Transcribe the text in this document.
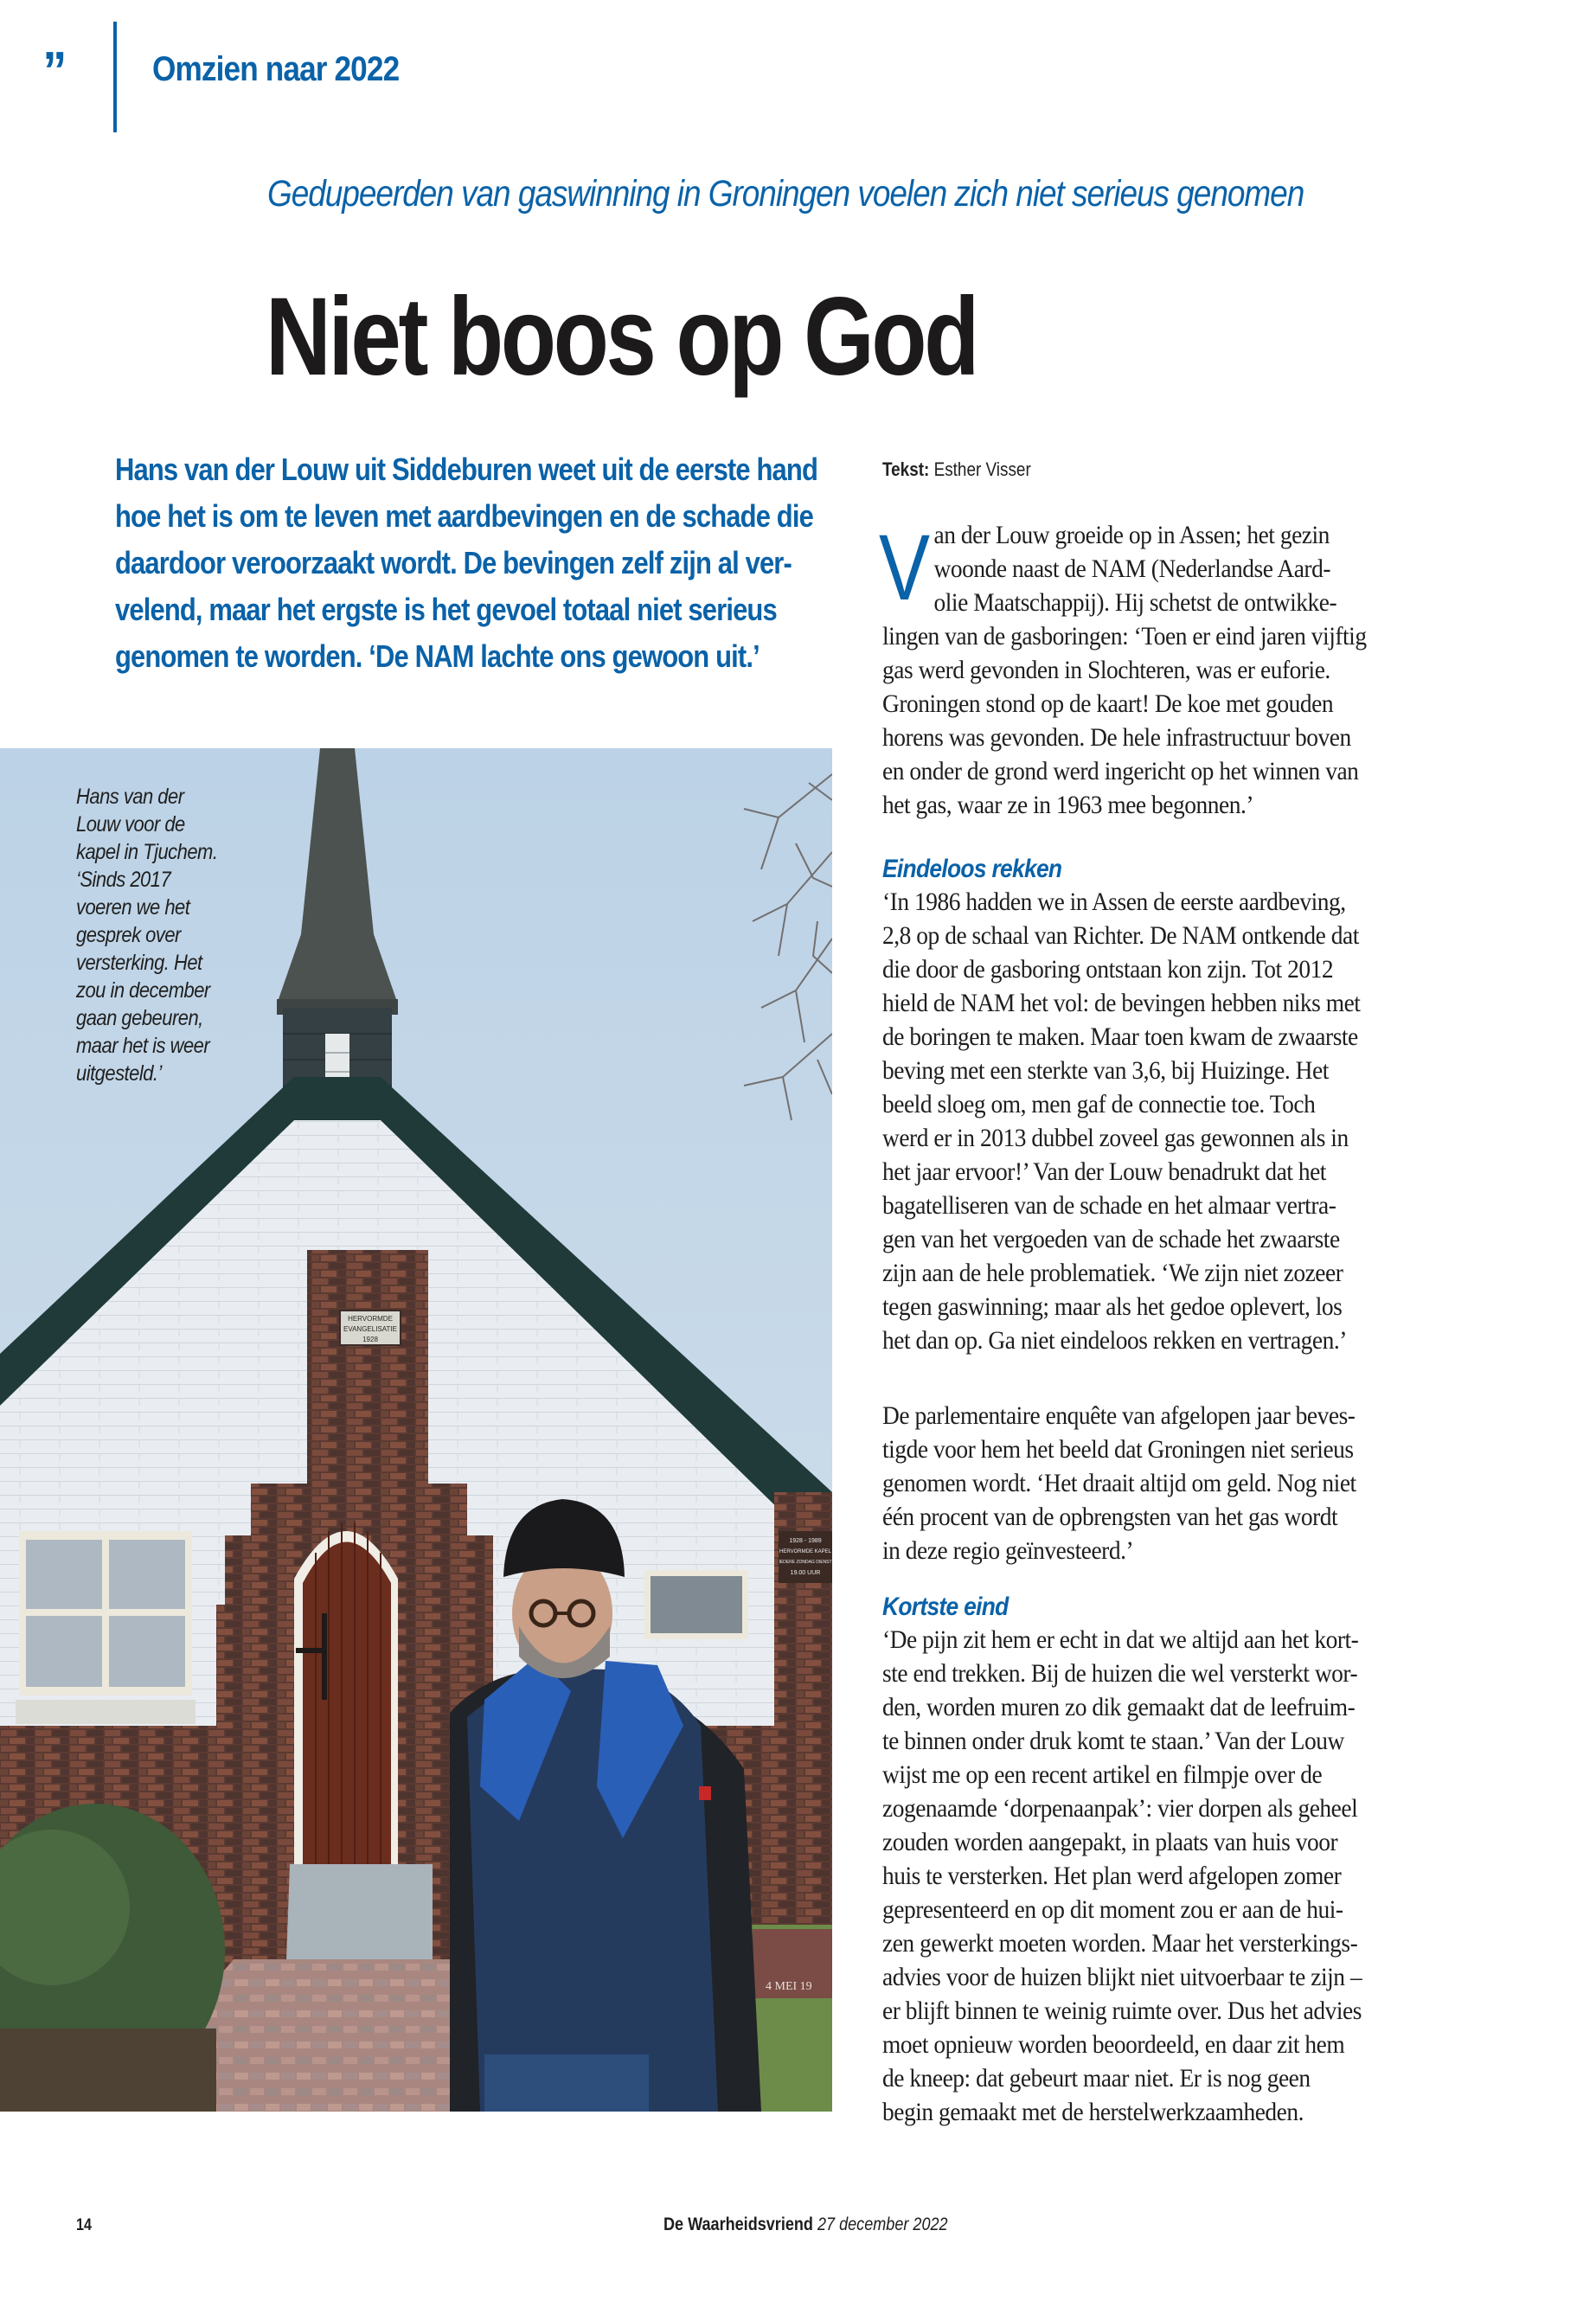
”	Omzien naar 2022
Gedupeerden van gaswinning in Groningen voelen zich niet serieus genomen
Niet boos op God
Hans van der Louw uit Siddeburen weet uit de eerste hand
hoe het is om te leven met aardbevingen en de schade die
daardoor veroorzaakt wordt. De bevingen zelf zijn al ver-
velend, maar het ergste is het gevoel totaal niet serieus
genomen te worden. ‘De NAM lachte ons gewoon uit.’
HERVORMDE
EVANGELISATIE
1928
1928 - 1989
HERVORMDE KAPEL
IEDERE ZONDAG DIENST
19.00 UUR
4 MEI 19
Hans van der
Louw voor de
kapel in Tjuchem.
‘Sinds 2017
voeren we het
gesprek over
versterking. Het
zou in december
gaan gebeuren,
maar het is weer
uitgesteld.’
Tekst: Esther Visser
V an der Louw groeide op in Assen; het gezin
woonde naast de NAM (Nederlandse Aard-
olie Maatschappij). Hij schetst de ontwikke-
lingen van de gasboringen: ‘Toen er eind jaren vijftig
gas werd gevonden in Slochteren, was er euforie.
Groningen stond op de kaart! De koe met gouden
horens was gevonden. De hele infrastructuur boven
en onder de grond werd ingericht op het winnen van
het gas, waar ze in 1963 mee begonnen.’
Eindeloos rekken
‘In 1986 hadden we in Assen de eerste aardbeving,
2,8 op de schaal van Richter. De NAM ontkende dat
die door de gasboring ontstaan kon zijn. Tot 2012
hield de NAM het vol: de bevingen hebben niks met
de boringen te maken. Maar toen kwam de zwaarste
beving met een sterkte van 3,6, bij Huizinge. Het
beeld sloeg om, men gaf de connectie toe. Toch
werd er in 2013 dubbel zoveel gas gewonnen als in
het jaar ervoor!’ Van der Louw benadrukt dat het
bagatelliseren van de schade en het almaar vertra-
gen van het vergoeden van de schade het zwaarste
zijn aan de hele problematiek. ‘We zijn niet zozeer
tegen gaswinning; maar als het gedoe oplevert, los
het dan op. Ga niet eindeloos rekken en vertragen.’
De parlementaire enquête van afgelopen jaar beves-
tigde voor hem het beeld dat Groningen niet serieus
genomen wordt. ‘Het draait altijd om geld. Nog niet
één procent van de opbrengsten van het gas wordt
in deze regio geïnvesteerd.’
Kortste eind
‘De pijn zit hem er echt in dat we altijd aan het kort-
ste end trekken. Bij de huizen die wel versterkt wor-
den, worden muren zo dik gemaakt dat de leefruim-
te binnen onder druk komt te staan.’ Van der Louw
wijst me op een recent artikel en filmpje over de
zogenaamde ‘dorpenaanpak’: vier dorpen als geheel
zouden worden aangepakt, in plaats van huis voor
huis te versterken. Het plan werd afgelopen zomer
gepresenteerd en op dit moment zou er aan de hui-
zen gewerkt moeten worden. Maar het versterkings-
advies voor de huizen blijkt niet uitvoerbaar te zijn –
er blijft binnen te weinig ruimte over. Dus het advies
moet opnieuw worden beoordeeld, en daar zit hem
de kneep: dat gebeurt maar niet. Er is nog geen
begin gemaakt met de herstelwerkzaamheden.
14	De Waarheidsvriend 27 december 2022
